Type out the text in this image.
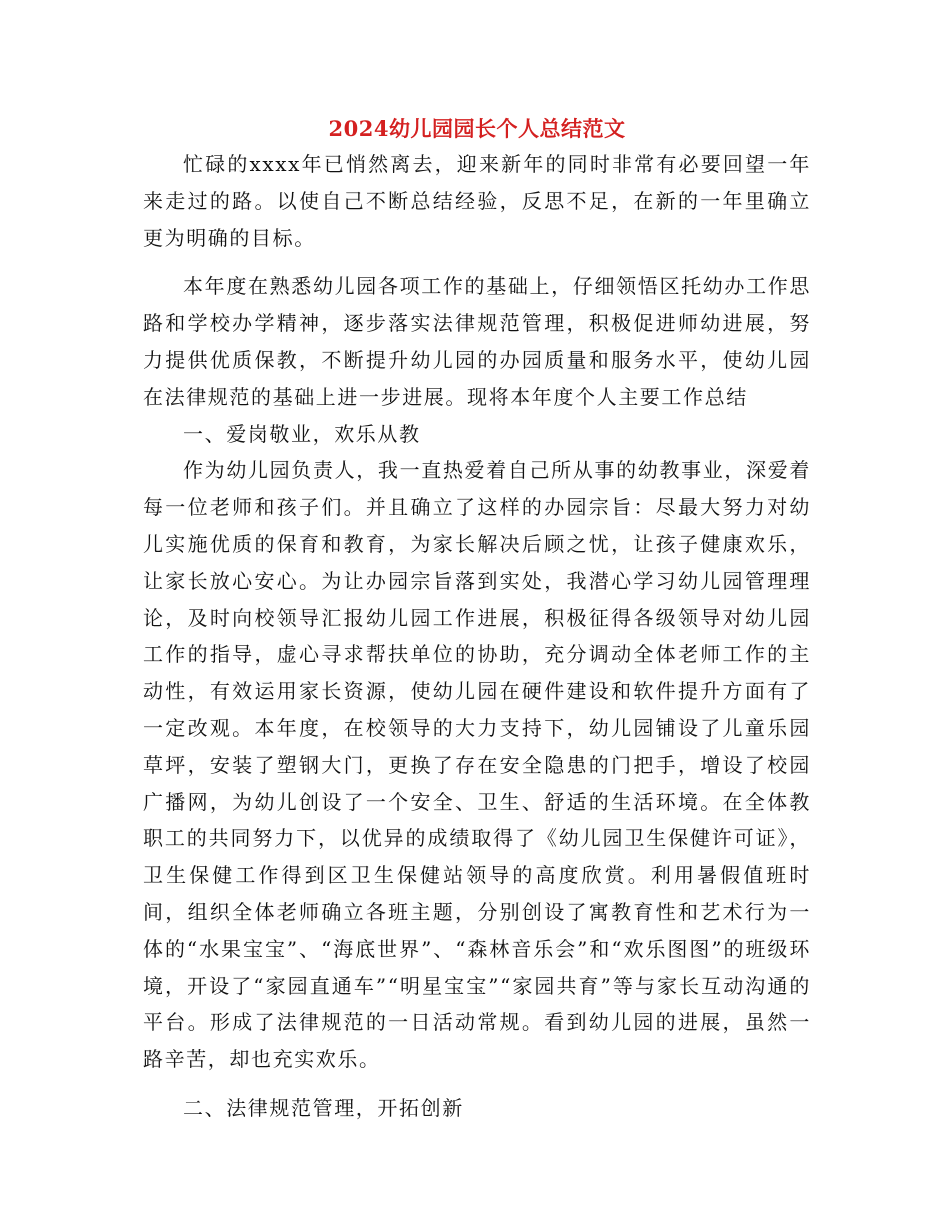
2024幼儿园园长个人总结范文

忙碌的xxxx年已悄然离去，迎来新年的同时非常有必要回望一年来走过的路。以使自己不断总结经验，反思不足，在新的一年里确立更为明确的目标。

本年度在熟悉幼儿园各项工作的基础上，仔细领悟区托幼办工作思路和学校办学精神，逐步落实法律规范管理，积极促进师幼进展，努力提供优质保教，不断提升幼儿园的办园质量和服务水平，使幼儿园在法律规范的基础上进一步进展。现将本年度个人主要工作总结

一、爱岗敬业，欢乐从教

作为幼儿园负责人，我一直热爱着自己所从事的幼教事业，深爱着每一位老师和孩子们。并且确立了这样的办园宗旨：尽最大努力对幼儿实施优质的保育和教育，为家长解决后顾之忧，让孩子健康欢乐，让家长放心安心。为让办园宗旨落到实处，我潜心学习幼儿园管理理论，及时向校领导汇报幼儿园工作进展，积极征得各级领导对幼儿园工作的指导，虚心寻求帮扶单位的协助，充分调动全体老师工作的主动性，有效运用家长资源，使幼儿园在硬件建设和软件提升方面有了一定改观。本年度，在校领导的大力支持下，幼儿园铺设了儿童乐园草坪，安装了塑钢大门，更换了存在安全隐患的门把手，增设了校园广播网，为幼儿创设了一个安全、卫生、舒适的生活环境。在全体教职工的共同努力下，以优异的成绩取得了《幼儿园卫生保健许可证》，卫生保健工作得到区卫生保健站领导的高度欣赏。利用暑假值班时间，组织全体老师确立各班主题，分别创设了寓教育性和艺术行为一体的“水果宝宝”、“海底世界”、“森林音乐会”和“欢乐图图”的班级环境，开设了“家园直通车”“明星宝宝”“家园共育”等与家长互动沟通的平台。形成了法律规范的一日活动常规。看到幼儿园的进展，虽然一路辛苦，却也充实欢乐。

二、法律规范管理，开拓创新
